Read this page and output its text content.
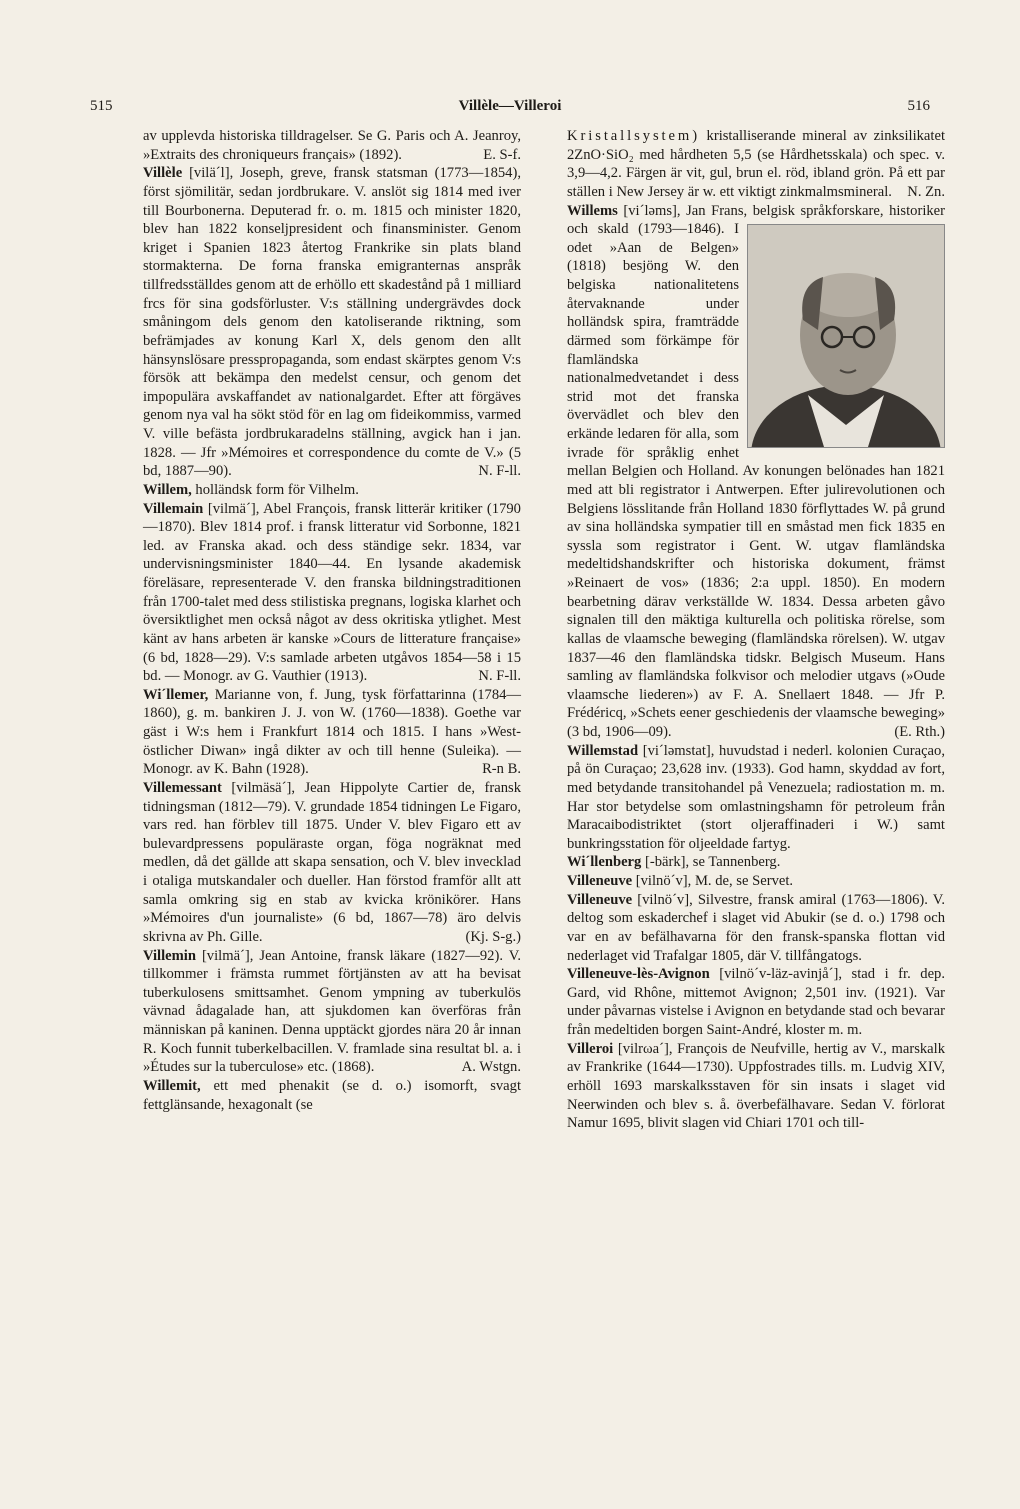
515	Villèle—Villeroi	516

av upplevda historiska tilldragelser. Se G. Paris och A. Jeanroy, »Extraits des chroniqueurs français» (1892).	E. S-f.

Villèle [vilä´l], Joseph, greve, fransk statsman (1773—1854), först sjömilitär, sedan jordbrukare. V. anslöt sig 1814 med iver till Bourbonerna. Deputerad fr. o. m. 1815 och minister 1820, blev han 1822 konseljpresident och finansminister. Genom kriget i Spanien 1823 återtog Frankrike sin plats bland stormakterna. De forna franska emigranternas anspråk tillfredsställdes genom att de erhöllo ett skadestånd på 1 milliard frcs för sina godsförluster. V:s ställning undergrävdes dock småningom dels genom den katoliserande riktning, som befrämjades av konung Karl X, dels genom den allt hänsynslösare presspropaganda, som endast skärptes genom V:s försök att bekämpa den medelst censur, och genom det impopulära avskaffandet av nationalgardet. Efter att förgäves genom nya val ha sökt stöd för en lag om fideikommiss, varmed V. ville befästa jordbrukaradelns ställning, avgick han i jan. 1828. — Jfr »Mémoires et correspondence du comte de V.» (5 bd, 1887—90).	N. F-ll.

Willem, holländsk form för Vilhelm.

Villemain [vilmä´], Abel François, fransk litterär kritiker (1790—1870). Blev 1814 prof. i fransk litteratur vid Sorbonne, 1821 led. av Franska akad. och dess ständige sekr. 1834, var undervisningsminister 1840—44. En lysande akademisk föreläsare, representerade V. den franska bildningstraditionen från 1700-talet med dess stilistiska pregnans, logiska klarhet och översiktlighet men också något av dess okritiska ytlighet. Mest känt av hans arbeten är kanske »Cours de litterature française» (6 bd, 1828—29). V:s samlade arbeten utgåvos 1854—58 i 15 bd. — Monogr. av G. Vauthier (1913).	N. F-ll.

Wi´llemer, Marianne von, f. Jung, tysk författarinna (1784—1860), g. m. bankiren J. J. von W. (1760—1838). Goethe var gäst i W:s hem i Frankfurt 1814 och 1815. I hans »West-östlicher Diwan» ingå dikter av och till henne (Suleika). — Monogr. av K. Bahn (1928).	R-n B.

Villemessant [vilmäsä´], Jean Hippolyte Cartier de, fransk tidningsman (1812—79). V. grundade 1854 tidningen Le Figaro, vars red. han förblev till 1875. Under V. blev Figaro ett av bulevardpressens populäraste organ, föga nogräknat med medlen, då det gällde att skapa sensation, och V. blev invecklad i otaliga mutskandaler och dueller. Han förstod framför allt att samla omkring sig en stab av kvicka krönikörer. Hans »Mémoires d'un journaliste» (6 bd, 1867—78) äro delvis skrivna av Ph. Gille.	(Kj. S-g.)

Villemin [vilmä´], Jean Antoine, fransk läkare (1827—92). V. tillkommer i främsta rummet förtjänsten av att ha bevisat tuberkulosens smittsamhet. Genom ympning av tuberkulös vävnad ådagalade han, att sjukdomen kan överföras från människan på kaninen. Denna upptäckt gjordes nära 20 år innan R. Koch funnit tuberkelbacillen. V. framlade sina resultat bl. a. i »Études sur la tuberculose» etc. (1868).	A. Wstgn.

Willemit, ett med phenakit (se d. o.) isomorft, svagt fettglänsande, hexagonalt (se

Kristallsystem) kristalliserande mineral av zinksilikatet 2ZnO·SiO₂ med hårdheten 5,5 (se Hårdhetsskala) och spec. v. 3,9—4,2. Färgen är vit, gul, brun el. röd, ibland grön. På ett par ställen i New Jersey är w. ett viktigt zinkmalmsmineral. N. Zn.

Willems [vi´ləms], Jan Frans,
belgisk språkforskare, historiker och skald (1793—1846). I odet »Aan de Belgen» (1818) besjöng W. den belgiska nationalitetens återvaknande under holländsk spira, framträdde därmed som förkämpe för flamländska nationalmedvetandet i dess strid mot det franska övervädlet och blev den erkände ledaren för alla, som ivrade för språklig enhet mellan Belgien och Holland. Av konungen belönades han 1821 med att bli registrator i Antwerpen. Efter julirevolutionen och Belgiens lösslitande från Holland 1830 förflyttades W. på grund av sina holländska sympatier till en småstad men fick 1835 en syssla som registrator i Gent. W. utgav flamländska medeltidshandskrifter och historiska dokument, främst »Reinaert de vos» (1836; 2:a uppl. 1850). En modern bearbetning därav verkställde W. 1834. Dessa arbeten gåvo signalen till den mäktiga kulturella och politiska rörelse, som kallas de vlaamsche beweging (flamländska rörelsen). W. utgav 1837—46 den flamländska tidskr. Belgisch Museum. Hans samling av flamländska folkvisor och melodier utgavs (»Oude vlaamsche liederen») av F. A. Snellaert 1848. — Jfr P. Frédéricq, »Schets eener geschiedenis der vlaamsche beweging» (3 bd, 1906—09).	(E. Rth.)

Willemstad [vi´ləmstat], huvudstad i nederl. kolonien Curaçao, på ön Curaçao; 23,628 inv. (1933). God hamn, skyddad av fort, med betydande transitohandel på Venezuela; radiostation m. m. Har stor betydelse som omlastningshamn för petroleum från Maracaibodistriktet (stort oljeraffinaderi i W.) samt bunkringsstation för oljeeldade fartyg.

Wi´llenberg [-bärk], se Tannenberg.

Villeneuve [vilnö´v], M. de, se Servet.

Villeneuve [vilnö´v], Silvestre, fransk amiral (1763—1806). V. deltog som eskaderchef i slaget vid Abukir (se d. o.) 1798 och var en av befälhavarna för den fransk-spanska flottan vid nederlaget vid Trafalgar 1805, där V. tillfångatogs.

Villeneuve-lès-Avignon [vilnö´v-läz-avinjå´], stad i fr. dep. Gard, vid Rhône, mittemot Avignon; 2,501 inv. (1921). Var under påvarnas vistelse i Avignon en betydande stad och bevarar från medeltiden borgen Saint-André, kloster m. m.

Villeroi [vilrωa´], François de Neufville, hertig av V., marskalk av Frankrike (1644—1730). Uppfostrades tills. m. Ludvig XIV, erhöll 1693 marskalksstaven för sin insats i slaget vid Neerwinden och blev s. å. överbefälhavare. Sedan V. förlorat Namur 1695, blivit slagen vid Chiari 1701 och till-
